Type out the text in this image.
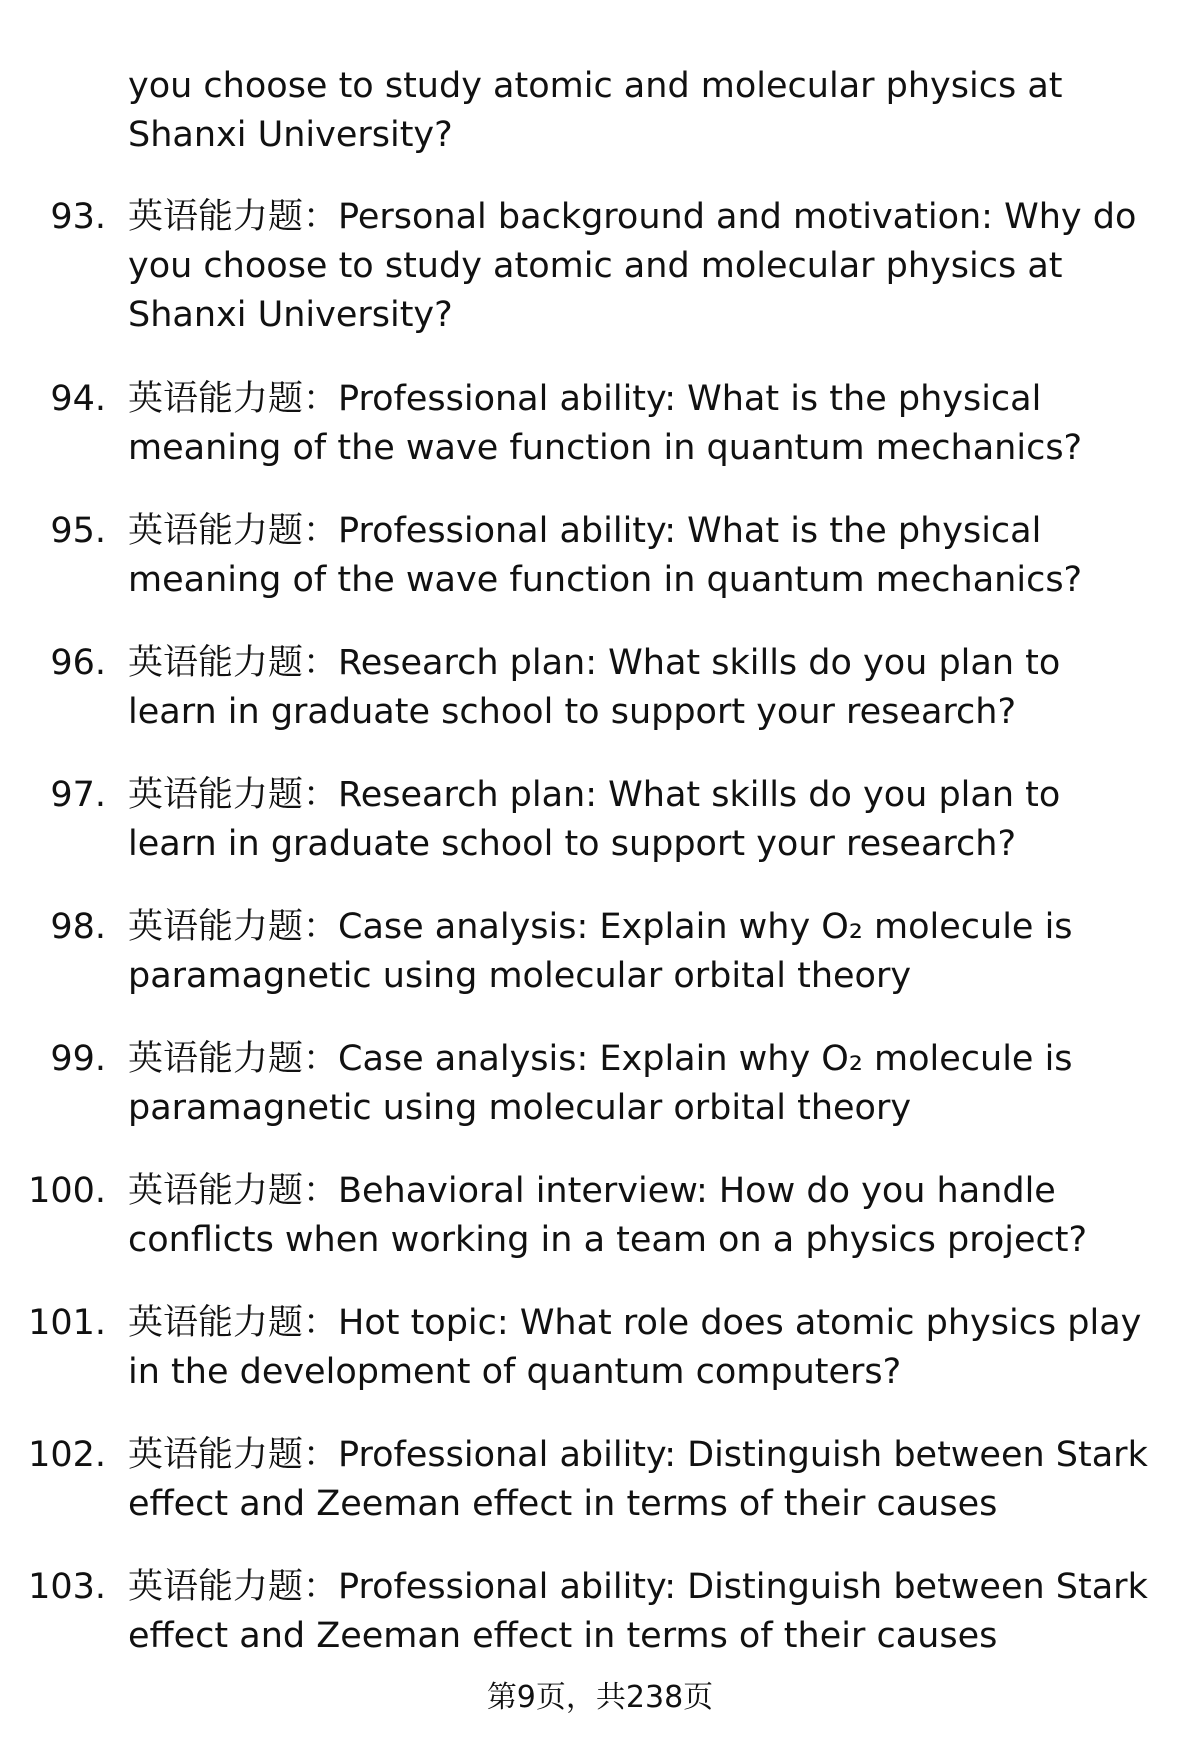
you choose to study atomic and molecular physics at Shanxi University?
93. 英语能力题：Personal background and motivation: Why do you choose to study atomic and molecular physics at Shanxi University?
94. 英语能力题：Professional ability: What is the physical meaning of the wave function in quantum mechanics?
95. 英语能力题：Professional ability: What is the physical meaning of the wave function in quantum mechanics?
96. 英语能力题：Research plan: What skills do you plan to learn in graduate school to support your research?
97. 英语能力题：Research plan: What skills do you plan to learn in graduate school to support your research?
98. 英语能力题：Case analysis: Explain why O₂ molecule is paramagnetic using molecular orbital theory
99. 英语能力题：Case analysis: Explain why O₂ molecule is paramagnetic using molecular orbital theory
100. 英语能力题：Behavioral interview: How do you handle conflicts when working in a team on a physics project?
101. 英语能力题：Hot topic: What role does atomic physics play in the development of quantum computers?
102. 英语能力题：Professional ability: Distinguish between Stark effect and Zeeman effect in terms of their causes
103. 英语能力题：Professional ability: Distinguish between Stark effect and Zeeman effect in terms of their causes
第9页，共238页
